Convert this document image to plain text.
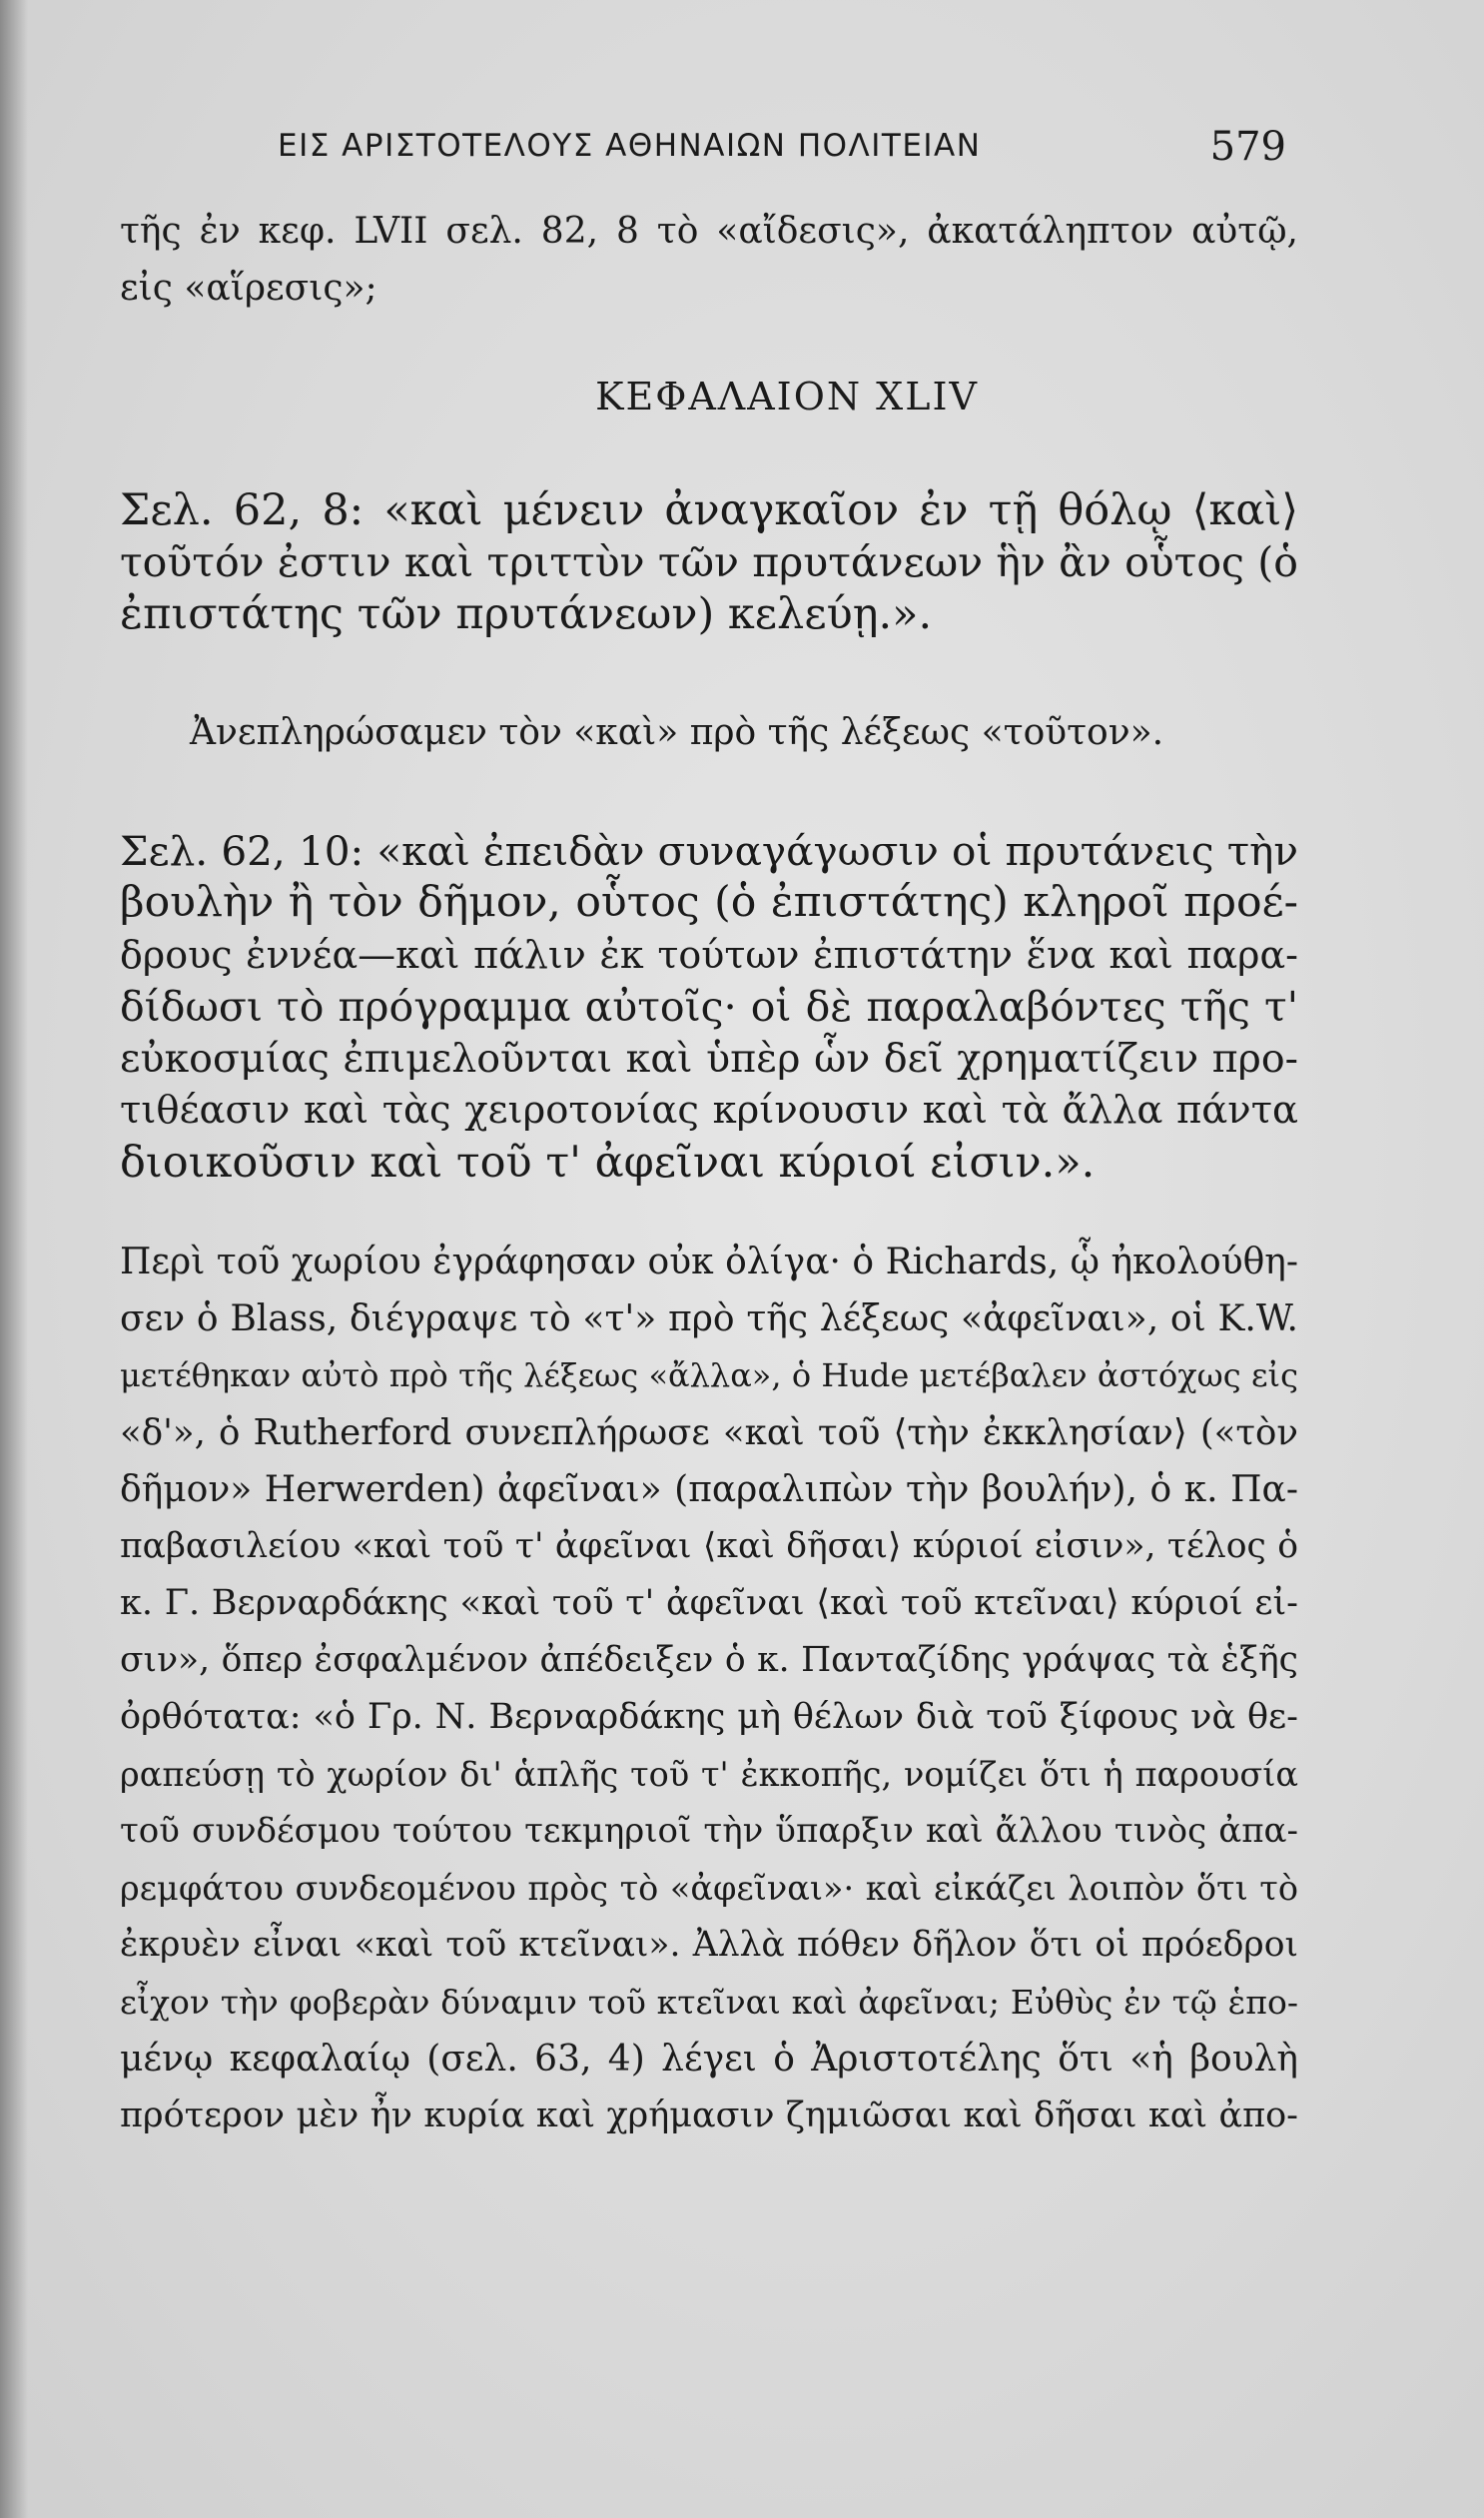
ΕΙΣ ΑΡΙΣΤΟΤΕΛΟΥΣ ΑΘΗΝΑΙΩΝ ΠΟΛΙΤΕΙΑΝ	579
τῆς ἐν κεφ. LVII σελ. 82, 8 τὸ «αἴδεσις», ἀκατάληπτον αὐτῷ,
εἰς «αἵρεσις»;
ΚΕΦΑΛΑΙΟΝ XLIV
Σελ. 62, 8: «καὶ μένειν ἀναγκαῖον ἐν τῇ θόλῳ ⟨καὶ⟩
τοῦτόν ἐστιν καὶ τριττὺν τῶν πρυτάνεων ἣν ἂν οὗτος (ὁ
ἐπιστάτης τῶν πρυτάνεων) κελεύῃ.».
Ἀνεπληρώσαμεν τὸν «καὶ» πρὸ τῆς λέξεως «τοῦτον».
Σελ. 62, 10: «καὶ ἐπειδὰν συναγάγωσιν οἱ πρυτάνεις τὴν
βουλὴν ἢ τὸν δῆμον, οὗτος (ὁ ἐπιστάτης) κληροῖ προέ-
δρους ἐννέα—καὶ πάλιν ἐκ τούτων ἐπιστάτην ἕνα καὶ παρα-
δίδωσι τὸ πρόγραμμα αὐτοῖς· οἱ δὲ παραλαβόντες τῆς τ'
εὐκοσμίας ἐπιμελοῦνται καὶ ὑπὲρ ὧν δεῖ χρηματίζειν προ-
τιθέασιν καὶ τὰς χειροτονίας κρίνουσιν καὶ τὰ ἄλλα πάντα
διοικοῦσιν καὶ τοῦ τ' ἀφεῖναι κύριοί εἰσιν.».
Περὶ τοῦ χωρίου ἐγράφησαν οὐκ ὀλίγα· ὁ Richards, ᾧ ἠκολούθη-
σεν ὁ Blass, διέγραψε τὸ «τ'» πρὸ τῆς λέξεως «ἀφεῖναι», οἱ K.W.
μετέθηκαν αὐτὸ πρὸ τῆς λέξεως «ἄλλα», ὁ Hude μετέβαλεν ἀστόχως εἰς
«δ'», ὁ Rutherford συνεπλήρωσε «καὶ τοῦ ⟨τὴν ἐκκλησίαν⟩ («τὸν
δῆμον» Herwerden) ἀφεῖναι» (παραλιπὼν τὴν βουλήν), ὁ κ. Πα-
παβασιλείου «καὶ τοῦ τ' ἀφεῖναι ⟨καὶ δῆσαι⟩ κύριοί εἰσιν», τέλος ὁ
κ. Γ. Βερναρδάκης «καὶ τοῦ τ' ἀφεῖναι ⟨καὶ τοῦ κτεῖναι⟩ κύριοί εἰ-
σιν», ὅπερ ἐσφαλμένον ἀπέδειξεν ὁ κ. Πανταζίδης γράψας τὰ ἑξῆς
ὀρθότατα: «ὁ Γρ. Ν. Βερναρδάκης μὴ θέλων διὰ τοῦ ξίφους νὰ θε-
ραπεύσῃ τὸ χωρίον δι' ἁπλῆς τοῦ τ' ἐκκοπῆς, νομίζει ὅτι ἡ παρουσία
τοῦ συνδέσμου τούτου τεκμηριοῖ τὴν ὕπαρξιν καὶ ἄλλου τινὸς ἀπα-
ρεμφάτου συνδεομένου πρὸς τὸ «ἀφεῖναι»· καὶ εἰκάζει λοιπὸν ὅτι τὸ
ἐκρυὲν εἶναι «καὶ τοῦ κτεῖναι». Ἀλλὰ πόθεν δῆλον ὅτι οἱ πρόεδροι
εἶχον τὴν φοβερὰν δύναμιν τοῦ κτεῖναι καὶ ἀφεῖναι; Εὐθὺς ἐν τῷ ἑπο-
μένῳ κεφαλαίῳ (σελ. 63, 4) λέγει ὁ Ἀριστοτέλης ὅτι «ἡ βουλὴ
πρότερον μὲν ἦν κυρία καὶ χρήμασιν ζημιῶσαι καὶ δῆσαι καὶ ἀπο-
